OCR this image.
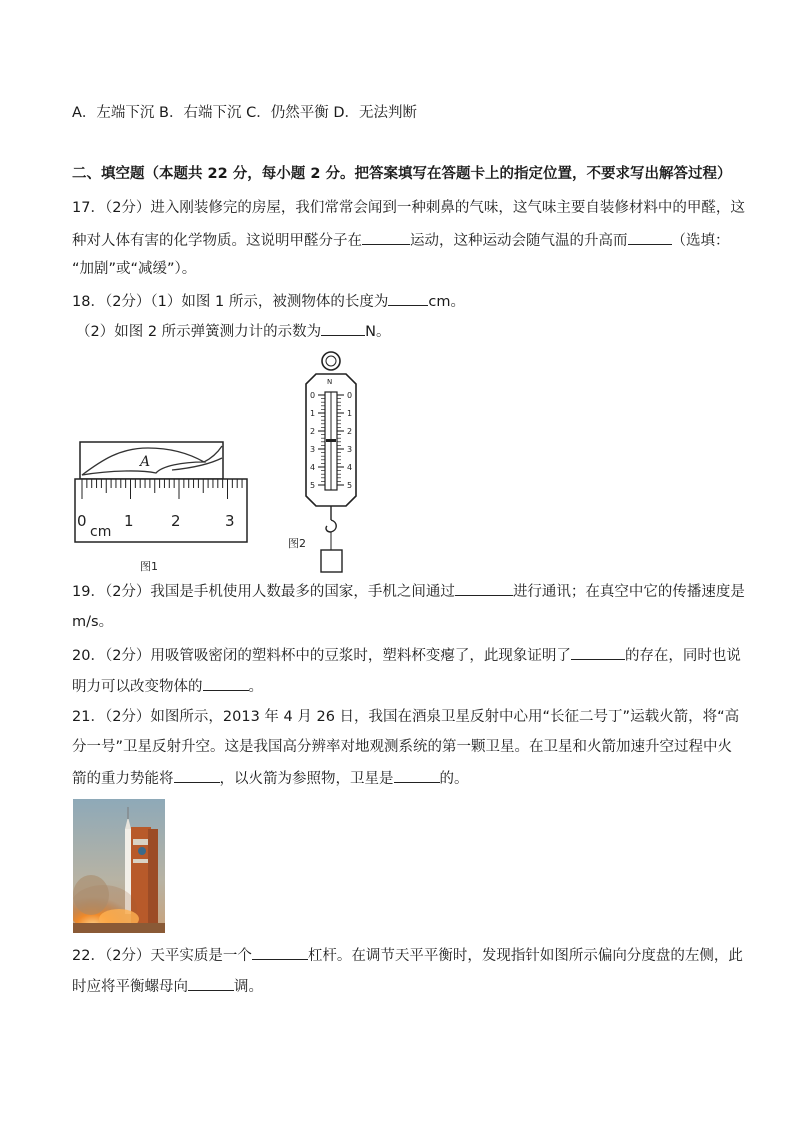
A．左端下沉 B．右端下沉 C．仍然平衡 D．无法判断
二、填空题（本题共 22 分，每小题 2 分。把答案填写在答题卡上的指定位置，不要求写出解答过程）
17．（2分）进入刚装修完的房屋，我们常常会闻到一种刺鼻的气味，这气味主要自装修材料中的甲醛，这
种对人体有害的化学物质。这说明甲醛分子在	运动，这种运动会随气温的升高而	（选填：
“加剧”或“减缓”）。
18．（2分）（1）如图 1 所示，被测物体的长度为	cm。
（2）如图 2 所示弹簧测力计的示数为	N。
A
0 1 2	3
cm
图1
N
0
1
2
3
4
5
0
1
2
3
4
5
图2
19．（2分）我国是手机使用人数最多的国家，手机之间通过	进行通讯；在真空中它的传播速度是
m/s。
20．（2分）用吸管吸密闭的塑料杯中的豆浆时，塑料杯变瘪了，此现象证明了	的存在，同时也说
明力可以改变物体的	。
21．（2分）如图所示，2013 年 4 月 26 日，我国在酒泉卫星反射中心用“长征二号丁”运载火箭，将“高
分一号”卫星反射升空。这是我国高分辨率对地观测系统的第一颗卫星。在卫星和火箭加速升空过程中火
箭的重力势能将	，以火箭为参照物，卫星是	的。
22．（2分）天平实质是一个	杠杆。在调节天平平衡时，发现指针如图所示偏向分度盘的左侧，此
时应将平衡螺母向	调。
